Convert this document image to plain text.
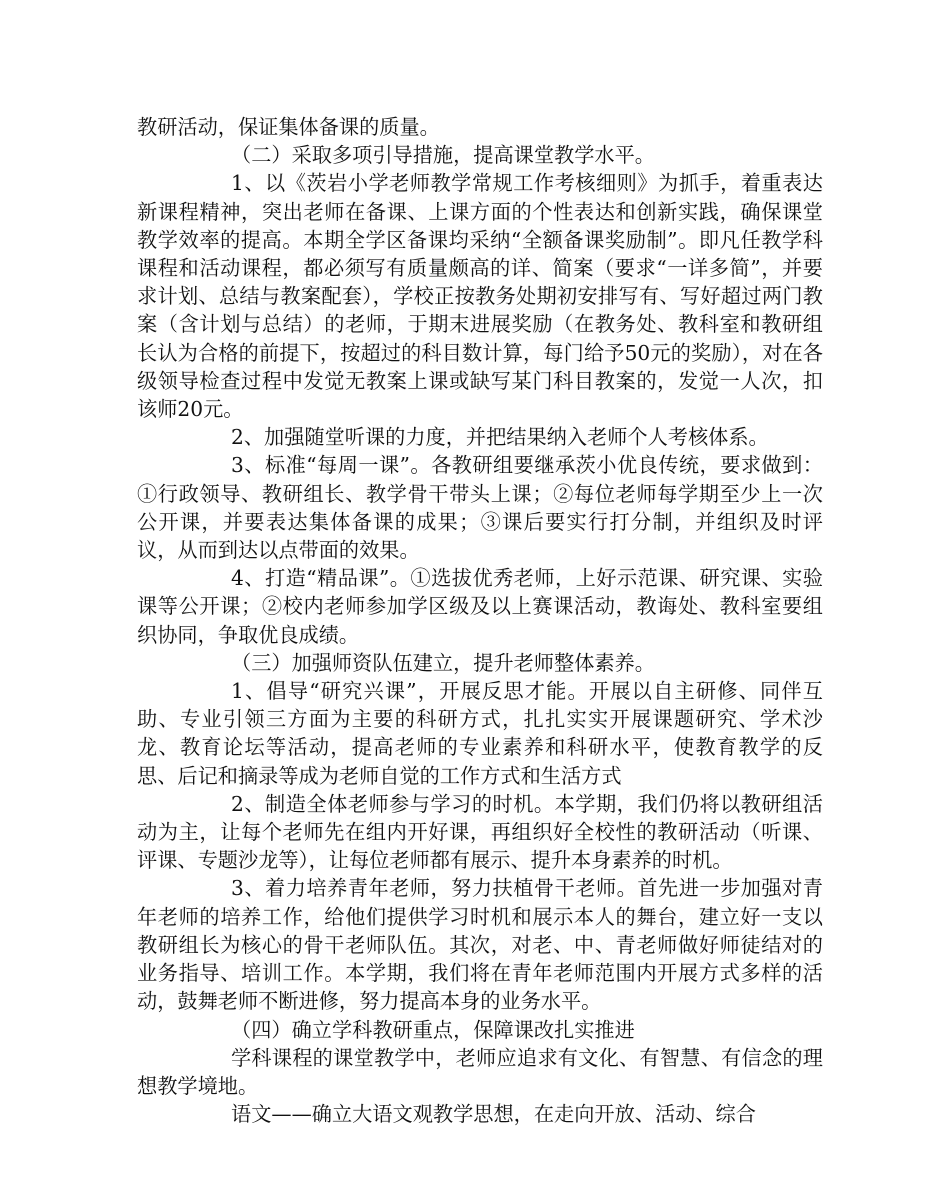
教研活动，保证集体备课的质量。

（二）采取多项引导措施，提高课堂教学水平。

1、以《茨岩小学老师教学常规工作考核细则》为抓手，着重表达新课程精神，突出老师在备课、上课方面的个性表达和创新实践，确保课堂教学效率的提高。本期全学区备课均采纳“全额备课奖励制”。即凡任教学科课程和活动课程，都必须写有质量颇高的详、简案（要求“一详多简”，并要求计划、总结与教案配套），学校正按教务处期初安排写有、写好超过两门教案（含计划与总结）的老师，于期末进展奖励（在教务处、教科室和教研组长认为合格的前提下，按超过的科目数计算，每门给予50元的奖励），对在各级领导检查过程中发觉无教案上课或缺写某门科目教案的，发觉一人次，扣该师20元。

2、加强随堂听课的力度，并把结果纳入老师个人考核体系。

3、标准“每周一课”。各教研组要继承茨小优良传统，要求做到：①行政领导、教研组长、教学骨干带头上课；②每位老师每学期至少上一次公开课，并要表达集体备课的成果；③课后要实行打分制，并组织及时评议，从而到达以点带面的效果。

4、打造“精品课”。①选拔优秀老师，上好示范课、研究课、实验课等公开课；②校内老师参加学区级及以上赛课活动，教诲处、教科室要组织协同，争取优良成绩。

（三）加强师资队伍建立，提升老师整体素养。

1、倡导“研究兴课”，开展反思才能。开展以自主研修、同伴互助、专业引领三方面为主要的科研方式，扎扎实实开展课题研究、学术沙龙、教育论坛等活动，提高老师的专业素养和科研水平，使教育教学的反思、后记和摘录等成为老师自觉的工作方式和生活方式

2、制造全体老师参与学习的时机。本学期，我们仍将以教研组活动为主，让每个老师先在组内开好课，再组织好全校性的教研活动（听课、评课、专题沙龙等），让每位老师都有展示、提升本身素养的时机。

3、着力培养青年老师，努力扶植骨干老师。首先进一步加强对青年老师的培养工作，给他们提供学习时机和展示本人的舞台，建立好一支以教研组长为核心的骨干老师队伍。其次，对老、中、青老师做好师徒结对的业务指导、培训工作。本学期，我们将在青年老师范围内开展方式多样的活动，鼓舞老师不断进修，努力提高本身的业务水平。

（四）确立学科教研重点，保障课改扎实推进

学科课程的课堂教学中，老师应追求有文化、有智慧、有信念的理想教学境地。

语文——确立大语文观教学思想，在走向开放、活动、综合
